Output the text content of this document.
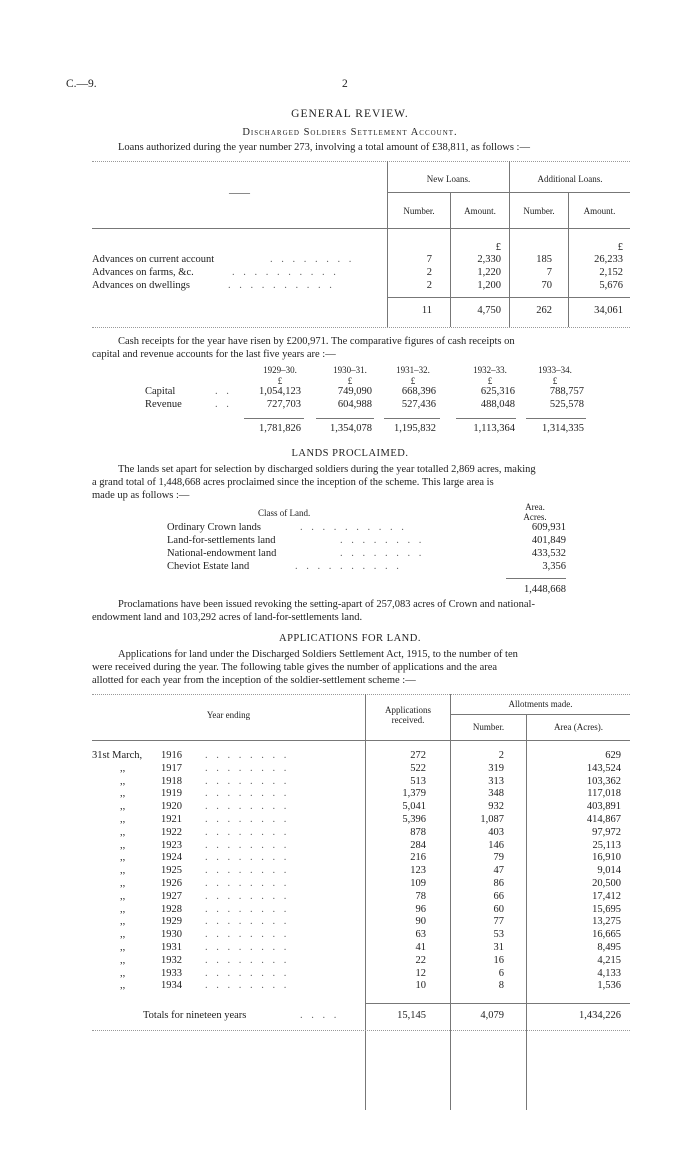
C.—9.	2
GENERAL REVIEW.
Discharged Soldiers Settlement Account.
Loans authorized during the year number 273, involving a total amount of £38,811, as follows :—
New Loans.	Additional Loans.
——
Number.	Amount.	Number.	Amount.
£	£
Advances on current account	. . . . . . . .	7	2,330	185	26,233
Advances on farms, &c.	. . . . . . . . . .	2	1,220	7	2,152
Advances on dwellings	. . . . . . . . . .	2	1,200	70	5,676
11	4,750	262	34,061
Cash receipts for the year have risen by £200,971. The comparative figures of cash receipts on
capital and revenue accounts for the last five years are :—
1929–30.	1930–31.	1931–32.	1932–33.	1933–34.
£	£	£	£	£
Capital	. .	1,054,123	749,090	668,396	625,316	788,757
Revenue	. .	727,703	604,988	527,436	488,048	525,578
1,781,826	1,354,078	1,195,832	1,113,364	1,314,335
LANDS PROCLAIMED.
The lands set apart for selection by discharged soldiers during the year totalled 2,869 acres, making
a grand total of 1,448,668 acres proclaimed since the inception of the scheme. This large area is
made up as follows :—
Class of Land.
Area.
Acres.
Ordinary Crown lands	. . . . . . . . . .	609,931
Land-for-settlements land	. . . . . . . .	401,849
National-endowment land	. . . . . . . .	433,532
Cheviot Estate land	. . . . . . . . . .	3,356
1,448,668
Proclamations have been issued revoking the setting-apart of 257,083 acres of Crown and national-
endowment land and 103,292 acres of land-for-settlements land.
APPLICATIONS FOR LAND.
Applications for land under the Discharged Soldiers Settlement Act, 1915, to the number of ten
were received during the year. The following table gives the number of applications and the area
allotted for each year from the inception of the soldier-settlement scheme :—
Year ending	Applications
received.
Allotments made.
Number.	Area (Acres).
31st March, 1916	272	2	629
. . . . . . . .
,,	1917	522	319	143,524
. . . . . . . .
,,	1918	513	313	103,362
. . . . . . . .
,,	1919	1,379	348	117,018
. . . . . . . .
,,	1920	5,041	932	403,891
. . . . . . . .
,,	1921	5,396	1,087	414,867
. . . . . . . .
,,	1922	878	403	97,972
. . . . . . . .
,,	1923	284	146	25,113
. . . . . . . .
,,	1924	216	79	16,910
. . . . . . . .
,,	1925	123	47	9,014
. . . . . . . .
,,	1926	109	86	20,500
. . . . . . . .
,,	1927	78	66	17,412
. . . . . . . .
,,	1928	96	60	15,695
. . . . . . . .
,,	1929	90	77	13,275
. . . . . . . .
,,	1930	63	53	16,665
. . . . . . . .
,,	1931	41	31	8,495
. . . . . . . .
,,	1932	22	16	4,215
. . . . . . . .
,,	1933	12	6	4,133
. . . . . . . .
,,	1934	10	8	1,536
. . . . . . . .
Totals for nineteen years	. . . .	15,145	4,079	1,434,226
